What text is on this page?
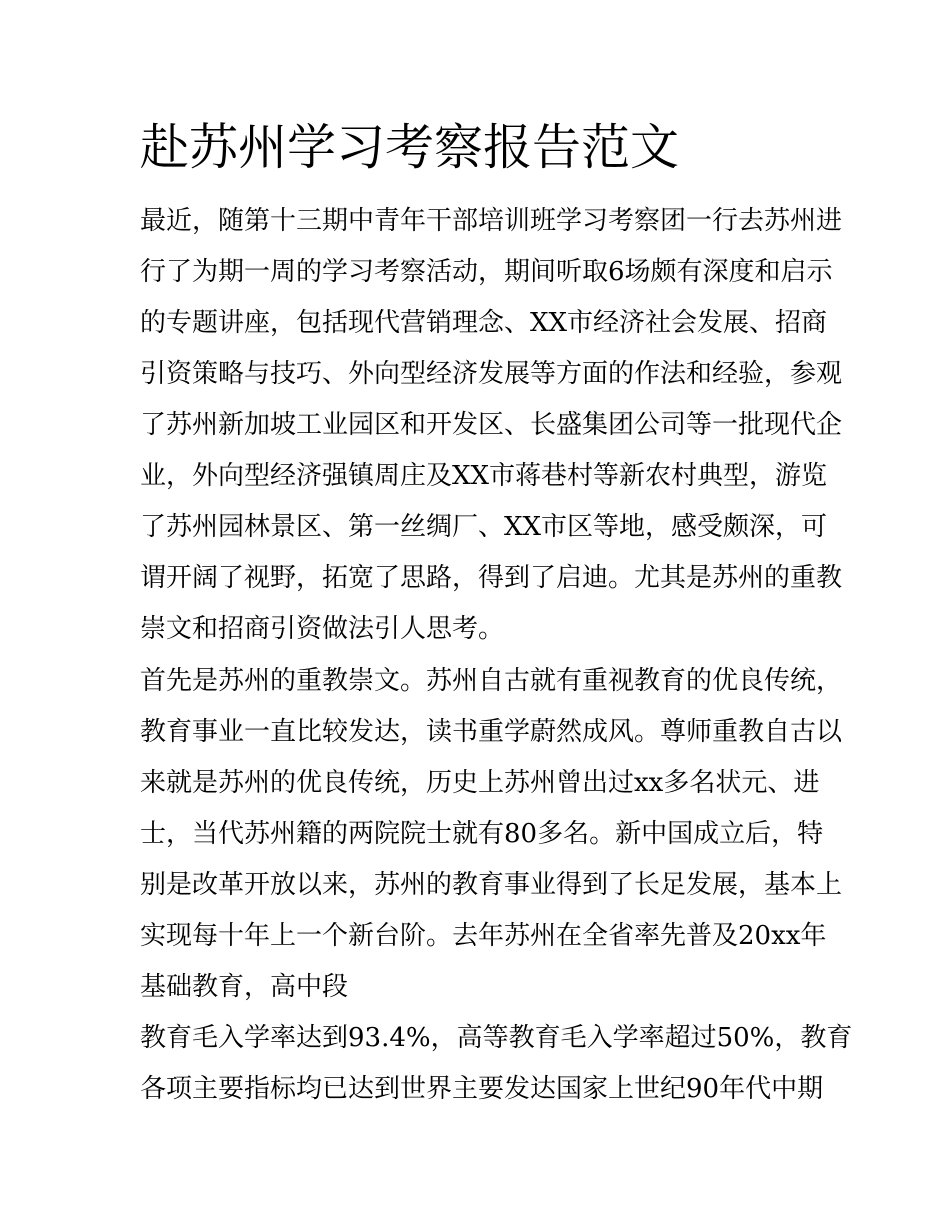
赴苏州学习考察报告范文
最近，随第十三期中青年干部培训班学习考察团一行去苏州进
行了为期一周的学习考察活动，期间听取6场颇有深度和启示
的专题讲座，包括现代营销理念、XX市经济社会发展、招商
引资策略与技巧、外向型经济发展等方面的作法和经验，参观
了苏州新加坡工业园区和开发区、长盛集团公司等一批现代企
业，外向型经济强镇周庄及XX市蒋巷村等新农村典型，游览
了苏州园林景区、第一丝绸厂、XX市区等地，感受颇深，可
谓开阔了视野，拓宽了思路，得到了启迪。尤其是苏州的重教
崇文和招商引资做法引人思考。
首先是苏州的重教崇文。苏州自古就有重视教育的优良传统，
教育事业一直比较发达，读书重学蔚然成风。尊师重教自古以
来就是苏州的优良传统，历史上苏州曾出过xx多名状元、进
士，当代苏州籍的两院院士就有80多名。新中国成立后，特
别是改革开放以来，苏州的教育事业得到了长足发展，基本上
实现每十年上一个新台阶。去年苏州在全省率先普及20xx年
基础教育，高中段
教育毛入学率达到93.4%，高等教育毛入学率超过50%，教育
各项主要指标均已达到世界主要发达国家上世纪90年代中期
